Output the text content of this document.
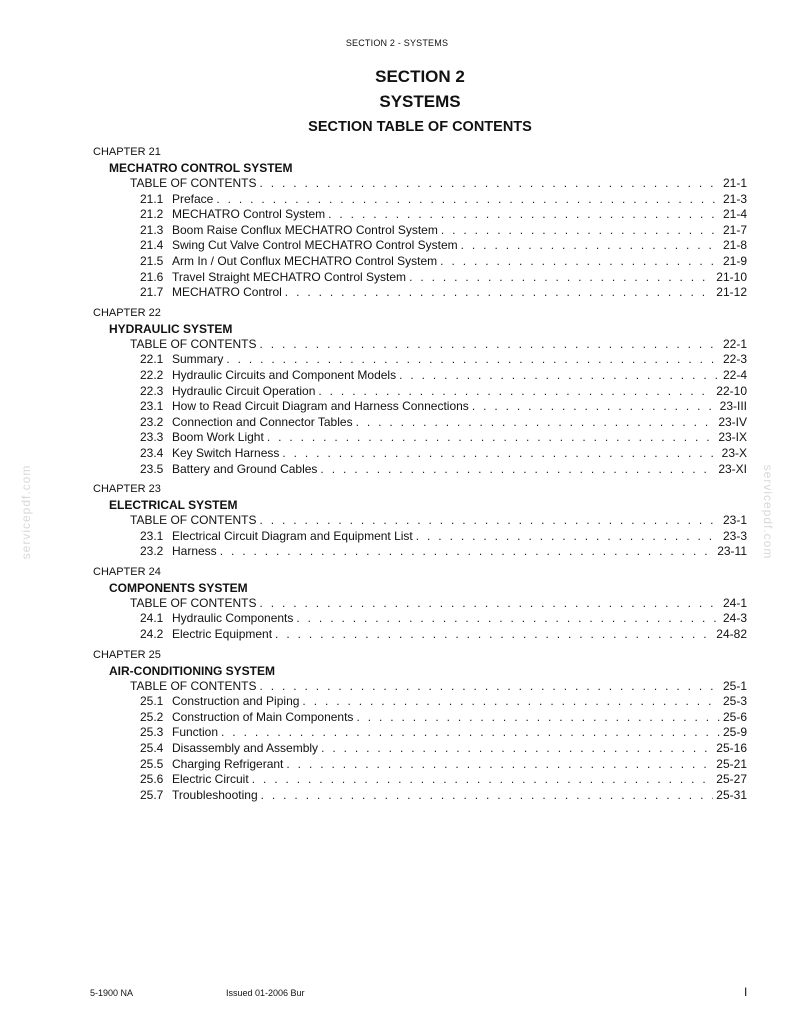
SECTION 2 - SYSTEMS
SECTION 2
SYSTEMS
SECTION TABLE OF CONTENTS
CHAPTER 21
MECHATRO CONTROL SYSTEM
TABLE OF CONTENTS . . .	21-1
21.1 Preface . . .	21-3
21.2 MECHATRO Control System . . .	21-4
21.3 Boom Raise Conflux MECHATRO Control System . . .	21-7
21.4 Swing Cut Valve Control MECHATRO Control System . . .	21-8
21.5 Arm In / Out Conflux MECHATRO Control System . . .	21-9
21.6 Travel Straight MECHATRO Control System . . .	21-10
21.7 MECHATRO Control . . .	21-12
CHAPTER 22
HYDRAULIC SYSTEM
TABLE OF CONTENTS . . .	22-1
22.1 Summary . . .	22-3
22.2 Hydraulic Circuits and Component Models . . .	22-4
22.3 Hydraulic Circuit Operation . . .	22-10
23.1 How to Read Circuit Diagram and Harness Connections . . .	23-III
23.2 Connection and Connector Tables . . .	23-IV
23.3 Boom Work Light . . .	23-IX
23.4 Key Switch Harness . . .	23-X
23.5 Battery and Ground Cables . . .	23-XI
CHAPTER 23
ELECTRICAL SYSTEM
TABLE OF CONTENTS . . .	23-1
23.1 Electrical Circuit Diagram and Equipment List . . .	23-3
23.2 Harness . . .	23-11
CHAPTER 24
COMPONENTS SYSTEM
TABLE OF CONTENTS . . .	24-1
24.1 Hydraulic Components . . .	24-3
24.2 Electric Equipment . . .	24-82
CHAPTER 25
AIR-CONDITIONING SYSTEM
TABLE OF CONTENTS . . .	25-1
25.1 Construction and Piping . . .	25-3
25.2 Construction of Main Components . . .	25-6
25.3 Function . . .	25-9
25.4 Disassembly and Assembly . . .	25-16
25.5 Charging Refrigerant . . .	25-21
25.6 Electric Circuit . . .	25-27
25.7 Troubleshooting . . .	25-31
servicepdf.com	servicepdf.com
5-1900 NA	Issued 01-2006 Bur	I
